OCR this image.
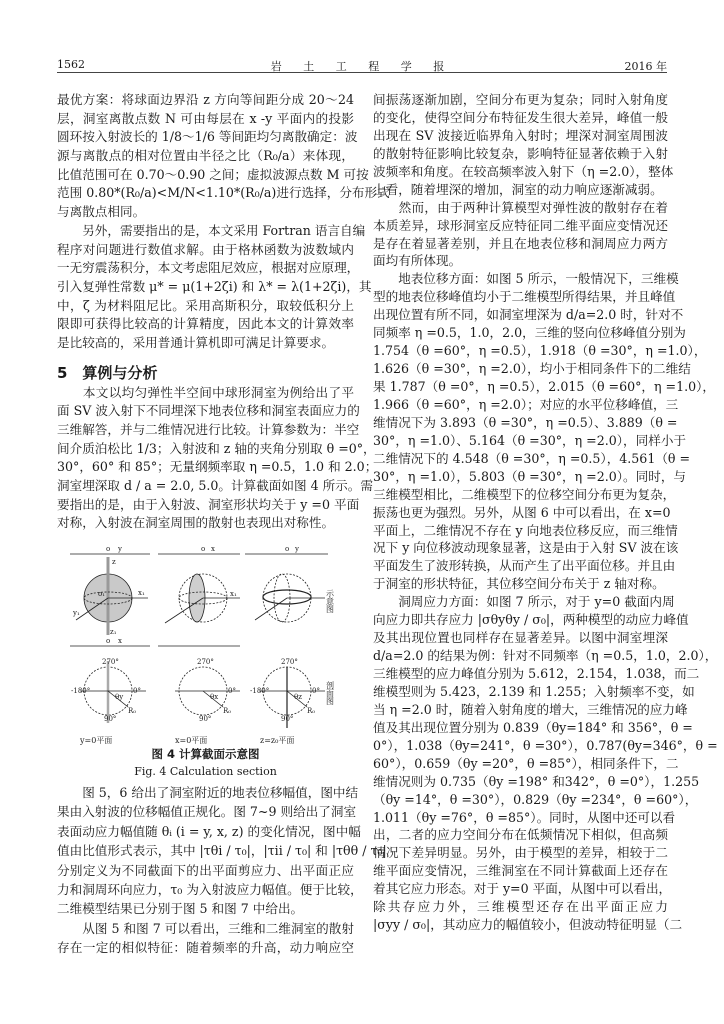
1562	岩 土 工 程 学 报	2016 年
最优方案：将球面边界沿 z 方向等间距分成 20～24
层，洞室离散点数 N 可由每层在 x -y 平面内的投影
圆环按入射波长的 1/8～1/6 等间距均匀离散确定：波
源与离散点的相对位置由半径之比（R₀/a）来体现，
比值范围可在 0.70～0.90 之间；虚拟波源点数 M 可按
范围 0.80*(R₀/a)<M/N<1.10*(R₀/a)进行选择，分布形式
与离散点相同。
　　另外，需要指出的是，本文采用 Fortran 语言自编
程序对问题进行数值求解。由于格林函数为波数域内
一无穷震荡积分，本文考虑阻尼效应，根据对应原理，
引入复弹性常数 μ* = μ(1+2ζi) 和 λ* = λ(1+2ζi)，其
中，ζ 为材料阻尼比。采用高斯积分，取较低积分上
限即可获得比较高的计算精度，因此本文的计算效率
是比较高的，采用普通计算机即可满足计算要求。
5　算例与分析
　　本文以均匀弹性半空间中球形洞室为例给出了平
面 SV 波入射下不同埋深下地表位移和洞室表面应力的
三维解答，并与二维情况进行比较。计算参数为：半空
间介质泊松比 1/3；入射波和 z 轴的夹角分别取 θ =0°，
30°，60° 和 85°；无量纲频率取 η =0.5，1.0 和 2.0；
洞室埋深取 d / a = 2.0, 5.0。计算截面如图 4 所示。需
要指出的是，由于入射波、洞室形状均关于 y =0 平面
对称，入射波在洞室周围的散射也表现出对称性。
o y
z
o₁	x₁
y₁
z₁
o x
x₁
o y
o x
270°
-180°	0°
90°
R₀
θy
270°
0°
90°
R₀
θx
270°
-180°	0°
90°
R₀
θz
y=0平面	x=0平面	z=z₀平面
示意图
剖面图
图 4 计算截面示意图
Fig. 4 Calculation section
　　图 5，6 给出了洞室附近的地表位移幅值，图中结
果由入射波的位移幅值正规化。图 7~9 则给出了洞室
表面动应力幅值随 θᵢ (i = y, x, z) 的变化情况，图中幅
值由比值形式表示，其中 |τθi / τ₀|，|τii / τ₀| 和 |τθθ / τ₀|
分别定义为不同截面下的出平面剪应力、出平面正应
力和洞周环向应力，τ₀ 为入射波应力幅值。便于比较，
二维模型结果已分别于图 5 和图 7 中给出。
　　从图 5 和图 7 可以看出，三维和二维洞室的散射
存在一定的相似特征：随着频率的升高，动力响应空
间振荡逐渐加剧，空间分布更为复杂；同时入射角度
的变化，使得空间分布特征发生很大差异，峰值一般
出现在 SV 波接近临界角入射时；埋深对洞室周围波
的散射特征影响比较复杂，影响特征显著依赖于入射
波频率和角度。在较高频率波入射下（η =2.0），整体
上看，随着埋深的增加，洞室的动力响应逐渐减弱。
　　然而，由于两种计算模型对弹性波的散射存在着
本质差异，球形洞室反应特征同二维平面应变情况还
是存在着显著差别，并且在地表位移和洞周应力两方
面均有所体现。
　　地表位移方面：如图 5 所示，一般情况下，三维模
型的地表位移峰值均小于二维模型所得结果，并且峰值
出现位置有所不同，如洞室埋深为 d/a=2.0 时，针对不
同频率 η =0.5，1.0，2.0，三维的竖向位移峰值分别为
1.754（θ =60°，η =0.5），1.918（θ =30°，η =1.0），
1.626（θ =30°，η =2.0），均小于相同条件下的二维结
果 1.787（θ =0°，η =0.5），2.015（θ =60°，η =1.0），
1.966（θ =60°，η =2.0）；对应的水平位移峰值，三
维情况下为 3.893（θ =30°，η =0.5）、3.889（θ =
30°，η =1.0）、5.164（θ =30°，η =2.0），同样小于
二维情况下的 4.548（θ =30°，η =0.5），4.561（θ =
30°，η =1.0），5.803（θ =30°，η =2.0）。同时，与
三维模型相比，二维模型下的位移空间分布更为复杂，
振荡也更为强烈。另外，从图 6 中可以看出，在 x=0
平面上，二维情况不存在 y 向地表位移反应，而三维情
况下 y 向位移波动现象显著，这是由于入射 SV 波在该
平面发生了波形转换，从而产生了出平面位移。并且由
于洞室的形状特征，其位移空间分布关于 z 轴对称。
　　洞周应力方面：如图 7 所示，对于 y=0 截面内周
向应力即共存应力 |σθyθy / σ₀|，两种模型的动应力峰值
及其出现位置也同样存在显著差异。以图中洞室埋深
d/a=2.0 的结果为例：针对不同频率（η =0.5，1.0，2.0），
三维模型的应力峰值分别为 5.612，2.154，1.038，而二
维模型则为 5.423，2.139 和 1.255；入射频率不变，如
当 η =2.0 时，随着入射角度的增大，三维情况的应力峰
值及其出现位置分别为 0.839（θy=184° 和 356°，θ =
0°），1.038（θy=241°，θ =30°），0.787(θy=346°，θ =
60°），0.659（θy =20°，θ =85°），相同条件下，二
维情况则为 0.735（θy =198° 和342°，θ =0°），1.255
（θy =14°，θ =30°），0.829（θy =234°，θ =60°），
1.011（θy =76°，θ =85°）。同时，从图中还可以看
出，二者的应力空间分布在低频情况下相似，但高频
情况下差异明显。另外，由于模型的差异，相较于二
维平面应变情况，三维洞室在不同计算截面上还存在
着其它应力形态。对于 y=0 平面，从图中可以看出，
除共存应力外，三维模型还存在出平面正应力
|σyy / σ₀|，其动应力的幅值较小，但波动特征明显（二
